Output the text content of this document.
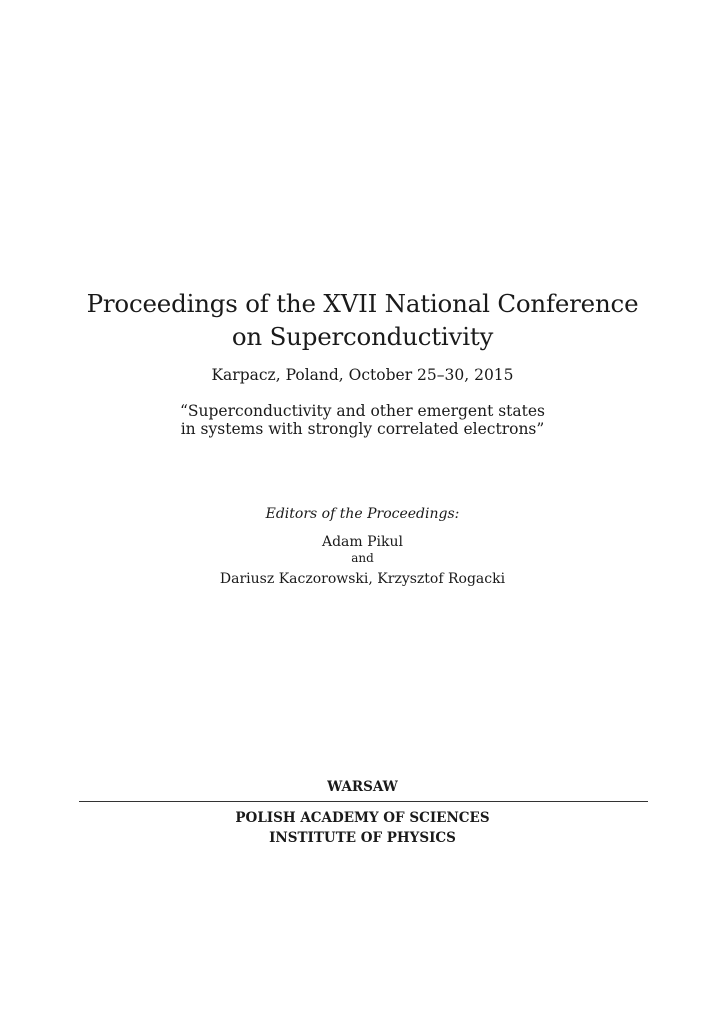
Proceedings of the XVII National Conference
on Superconductivity
Karpacz, Poland, October 25–30, 2015
“Superconductivity and other emergent states
in systems with strongly correlated electrons”
Editors of the Proceedings:
Adam Pikul
and
Dariusz Kaczorowski, Krzysztof Rogacki
WARSAW
POLISH ACADEMY OF SCIENCES
INSTITUTE OF PHYSICS
